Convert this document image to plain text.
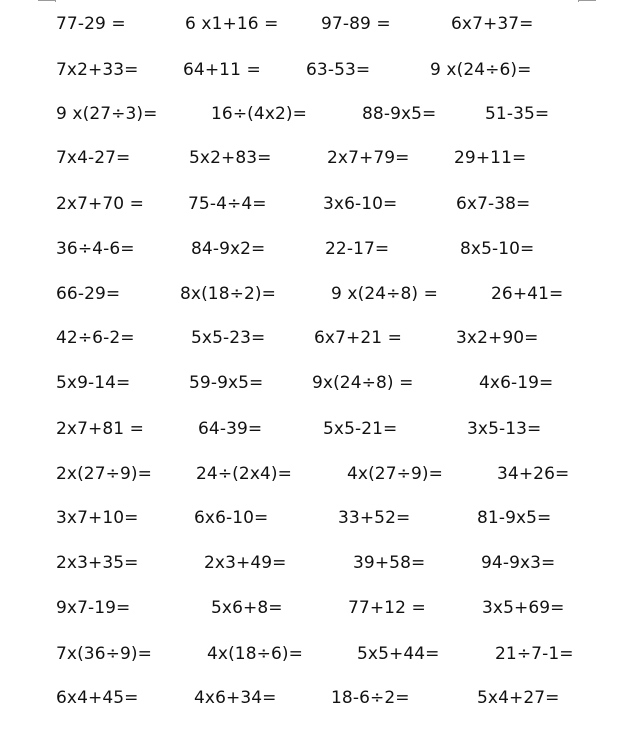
77-29 =	6 x1+16 = 97-89 =	6x7+37=
7x2+33=	64+11 =	63-53=	9 x(24÷6)=
9 x(27÷3)=	16÷(4x2)=	88-9x5=	51-35=
7x4-27=	5x2+83=	2x7+79=	29+11=
2x7+70 =	75-4÷4=	3x6-10=	6x7-38=
36÷4-6=	84-9x2=	22-17=	8x5-10=
66-29=	8x(18÷2)=	9 x(24÷8) =	26+41=
42÷6-2=	5x5-23=	6x7+21 =	3x2+90=
5x9-14=	59-9x5=	9x(24÷8) =	4x6-19=
2x7+81 =	64-39=	5x5-21=	3x5-13=
2x(27÷9)=	24÷(2x4)=	4x(27÷9)=	34+26=
3x7+10=	6x6-10=	33+52=	81-9x5=
2x3+35=	2x3+49=	39+58=	94-9x3=
9x7-19=	5x6+8=	77+12 =	3x5+69=
7x(36÷9)=	4x(18÷6)=	5x5+44=	21÷7-1=
6x4+45=	4x6+34=	18-6÷2=	5x4+27=
